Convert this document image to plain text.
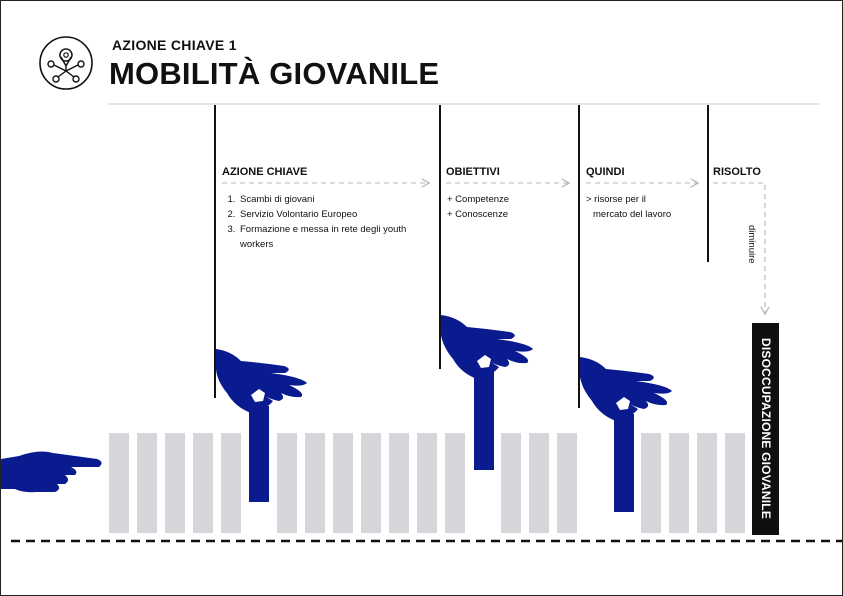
AZIONE CHIAVE 1
MOBILITÀ GIOVANILE
AZIONE CHIAVE
1. Scambi di giovani
2. Servizio Volontario Europeo
3. Formazione e messa in rete degli youth workers
OBIETTIVI
+ Competenze
+ Conoscenze
QUINDI
> risorse per il
mercato del lavoro
RISOLTO
diminuire
DISOCCUPAZIONE GIOVANILE
